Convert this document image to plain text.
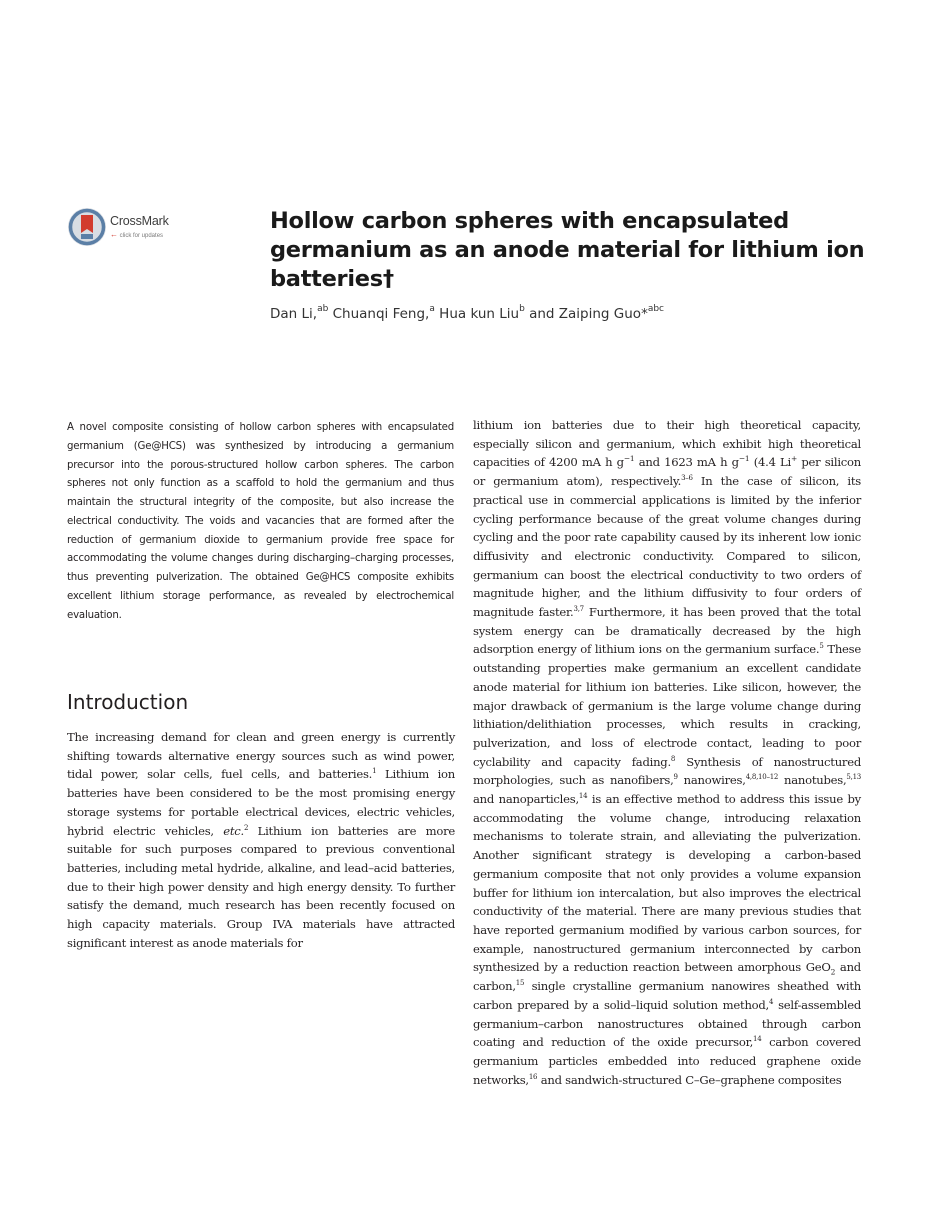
CrossMark
← click for updates
Hollow carbon spheres with encapsulated germanium as an anode material for lithium ion batteries†
Dan Li,$^{ab}$ Chuanqi Feng,$^a$ Hua kun Liu$^b$ and Zaiping Guo*$^{abc}$

A novel composite consisting of hollow carbon spheres with encapsulated germanium (Ge@HCS) was synthesized by introducing a germanium precursor into the porous-structured hollow carbon spheres. The carbon spheres not only function as a scaffold to hold the germanium and thus maintain the structural integrity of the composite, but also increase the electrical conductivity. The voids and vacancies that are formed after the reduction of germanium dioxide to germanium provide free space for accommodating the volume changes during discharging–charging processes, thus preventing pulverization. The obtained Ge@HCS composite exhibits excellent lithium storage performance, as revealed by electrochemical evaluation.

Introduction

The increasing demand for clean and green energy is currently shifting towards alternative energy sources such as wind power, tidal power, solar cells, fuel cells, and batteries.$^1$ Lithium ion batteries have been considered to be the most promising energy storage systems for portable electrical devices, electric vehicles, hybrid electric vehicles, etc.$^2$ Lithium ion batteries are more suitable for such purposes compared to previous conventional batteries, including metal hydride, alkaline, and lead–acid batteries, due to their high power density and high energy density. To further satisfy the demand, much research has been recently focused on high capacity materials. Group IVA materials have attracted significant interest as anode materials for

lithium ion batteries due to their high theoretical capacity, especially silicon and germanium, which exhibit high theoretical capacities of 4200 mA h $g^{-1}$ and 1623 mA h $g^{-1}$ (4.4 Li+ per silicon or germanium atom), respectively.$^{3-6}$ In the case of silicon, its practical use in commercial applications is limited by the inferior cycling performance because of the great volume changes during cycling and the poor rate capability caused by its inherent low ionic diffusivity and electronic conductivity. Compared to silicon, germanium can boost the electrical conductivity to two orders of magnitude higher, and the lithium diffusivity to four orders of magnitude faster.$^{3,7}$ Furthermore, it has been proved that the total system energy can be dramatically decreased by the high adsorption energy of lithium ions on the germanium surface.$^5$ These outstanding properties make germanium an excellent candidate anode material for lithium ion batteries. Like silicon, however, the major drawback of germanium is the large volume change during lithiation/delithiation processes, which results in cracking, pulverization, and loss of electrode contact, leading to poor cyclability and capacity fading.$^8$ Synthesis of nanostructured morphologies, such as nanofibers,$^9$ nanowires,$^{4,8,10-12}$ nanotubes,$^{5,13}$ and nanoparticles,$^{14}$ is an effective method to address this issue by accommodating the volume change, introducing relaxation mechanisms to tolerate strain, and alleviating the pulverization. Another significant strategy is developing a carbon-based germanium composite that not only provides a volume expansion buffer for lithium ion intercalation, but also improves the electrical conductivity of the material. There are many previous studies that have reported germanium modified by various carbon sources, for example, nanostructured germanium interconnected by carbon synthesized by a reduction reaction between amorphous GeO$_2$ and carbon,$^{15}$ single crystalline germanium nanowires sheathed with carbon prepared by a solid–liquid solution method,$^4$ self-assembled germanium–carbon nanostructures obtained through carbon coating and reduction of the oxide precursor,$^{14}$ carbon covered germanium particles embedded into reduced graphene oxide networks,$^{16}$ and sandwich-structured C–Ge–graphene composites
